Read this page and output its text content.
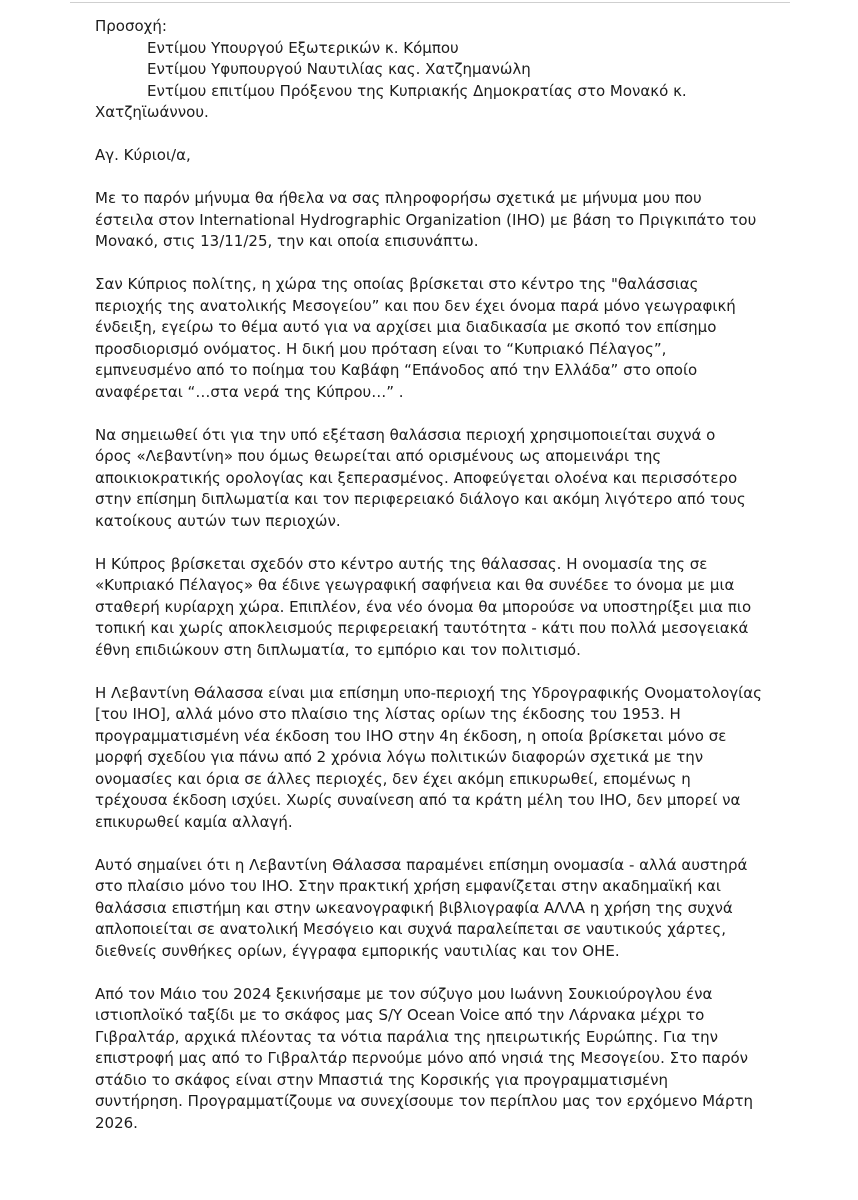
Προσοχή:

Εντίμου Υπουργού Εξωτερικών κ. Κόμπου

Εντίμου Υφυπουργού Ναυτιλίας κας. Χατζημανώλη

Εντίμου επιτίμου Πρόξενου της Κυπριακής Δημοκρατίας στο Μονακό κ.

Χατζηϊωάννου.

Αγ. Κύριοι/α,

Με το παρόν μήνυμα θα ήθελα να σας πληροφορήσω σχετικά με μήνυμα μου που

έστειλα στον International Hydrographic Organization (IHO) με βάση το Πριγκιπάτο του

Μονακό, στις 13/11/25, την και οποία επισυνάπτω.

Σαν Κύπριος πολίτης, η χώρα της οποίας βρίσκεται στο κέντρο της "θαλάσσιας

περιοχής της ανατολικής Μεσογείου” και που δεν έχει όνομα παρά μόνο γεωγραφική

ένδειξη, εγείρω το θέμα αυτό για να αρχίσει μια διαδικασία με σκοπό τον επίσημο

προσδιορισμό ονόματος. Η δική μου πρόταση είναι το “Κυπριακό Πέλαγος”,

εμπνευσμένο από το ποίημα του Καβάφη “Επάνοδος από την Ελλάδα” στο οποίο

αναφέρεται “…στα νερά της Κύπρου…” .

Να σημειωθεί ότι για την υπό εξέταση θαλάσσια περιοχή χρησιμοποιείται συχνά ο

όρος «Λεβαντίνη» που όμως θεωρείται από ορισμένους ως απομεινάρι της

αποικιοκρατικής ορολογίας και ξεπερασμένος. Αποφεύγεται ολοένα και περισσότερο

στην επίσημη διπλωματία και τον περιφερειακό διάλογο και ακόμη λιγότερο από τους

κατοίκους αυτών των περιοχών.

Η Κύπρος βρίσκεται σχεδόν στο κέντρο αυτής της θάλασσας. Η ονομασία της σε

«Κυπριακό Πέλαγος» θα έδινε γεωγραφική σαφήνεια και θα συνέδεε το όνομα με μια

σταθερή κυρίαρχη χώρα. Επιπλέον, ένα νέο όνομα θα μπορούσε να υποστηρίξει μια πιο

τοπική και χωρίς αποκλεισμούς περιφερειακή ταυτότητα - κάτι που πολλά μεσογειακά

έθνη επιδιώκουν στη διπλωματία, το εμπόριο και τον πολιτισμό.

Η Λεβαντίνη Θάλασσα είναι μια επίσημη υπο-περιοχή της Υδρογραφικής Ονοματολογίας

[του IHO], αλλά μόνο στο πλαίσιο της λίστας ορίων της έκδοσης του 1953. Η

προγραμματισμένη νέα έκδοση του IHO στην 4η έκδοση, η οποία βρίσκεται μόνο σε

μορφή σχεδίου για πάνω από 2 χρόνια λόγω πολιτικών διαφορών σχετικά με την

ονομασίες και όρια σε άλλες περιοχές, δεν έχει ακόμη επικυρωθεί, επομένως η

τρέχουσα έκδοση ισχύει. Χωρίς συναίνεση από τα κράτη μέλη του IHO, δεν μπορεί να

επικυρωθεί καμία αλλαγή.

Αυτό σημαίνει ότι η Λεβαντίνη Θάλασσα παραμένει επίσημη ονομασία - αλλά αυστηρά

στο πλαίσιο μόνο του IHO. Στην πρακτική χρήση εμφανίζεται στην ακαδημαϊκή και

θαλάσσια επιστήμη και στην ωκεανογραφική βιβλιογραφία ΑΛΛΑ η χρήση της συχνά

απλοποιείται σε ανατολική Μεσόγειο και συχνά παραλείπεται σε ναυτικούς χάρτες,

διεθνείς συνθήκες ορίων, έγγραφα εμπορικής ναυτιλίας και τον ΟΗΕ.

Από τον Μάιο του 2024 ξεκινήσαμε με τον σύζυγο μου Ιωάννη Σουκιούρογλου ένα

ιστιοπλοϊκό ταξίδι με το σκάφος μας S/Y Ocean Voice από την Λάρνακα μέχρι το

Γιβραλτάρ, αρχικά πλέοντας τα νότια παράλια της ηπειρωτικής Ευρώπης. Για την

επιστροφή μας από το Γιβραλτάρ περνούμε μόνο από νησιά της Μεσογείου. Στο παρόν

στάδιο το σκάφος είναι στην Μπαστιά της Κορσικής για προγραμματισμένη

συντήρηση. Προγραμματίζουμε να συνεχίσουμε τον περίπλου μας τον ερχόμενο Μάρτη

2026.
